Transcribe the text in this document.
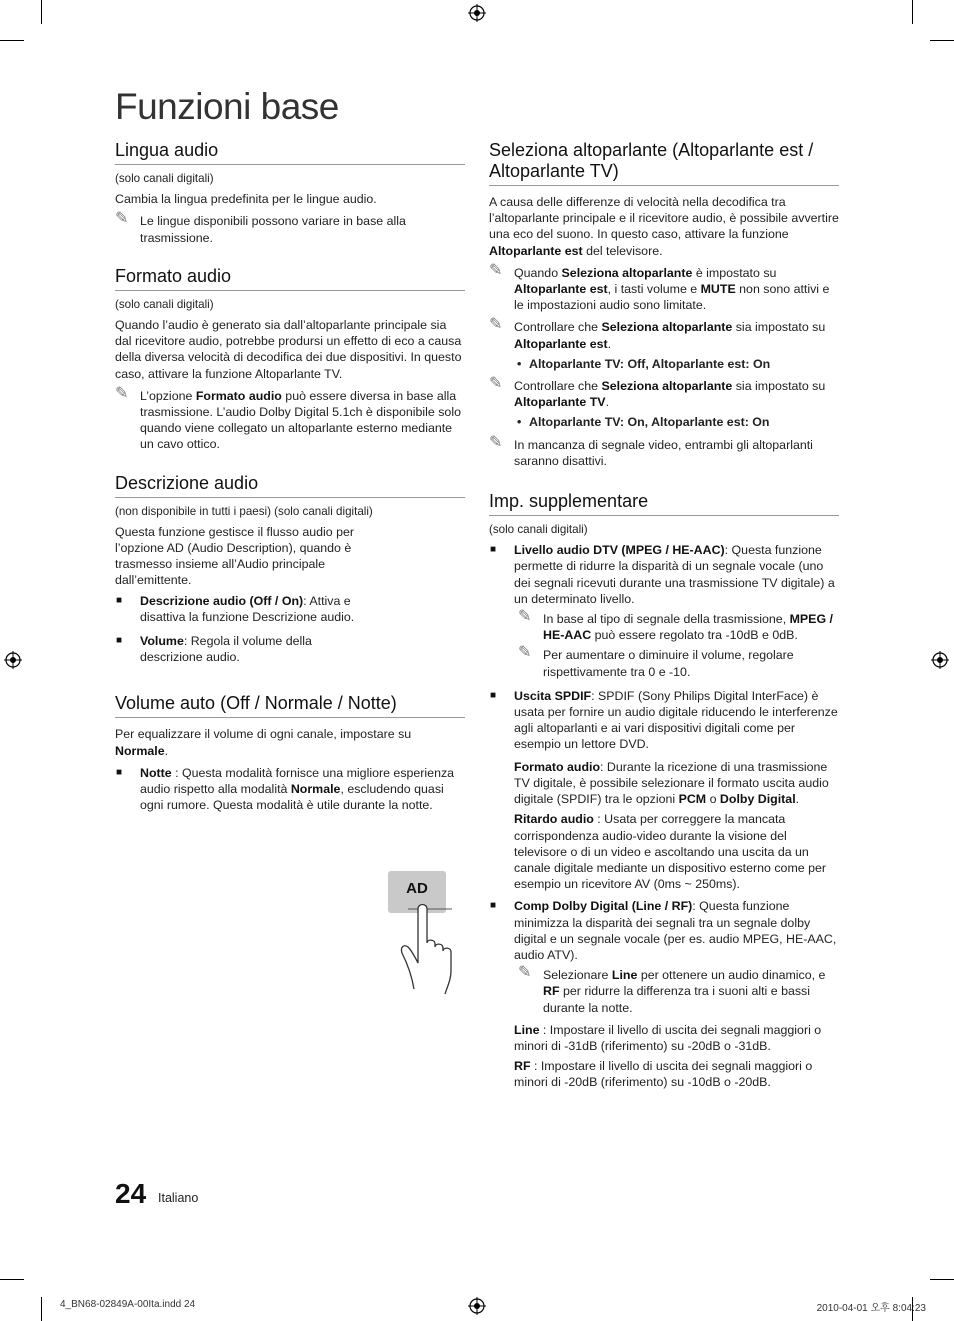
Funzioni base
Lingua audio

(solo canali digitali)

Cambia la lingua predefinita per le lingue audio.

✎ Le lingue disponibili possono variare in base alla trasmissione.

Formato audio

(solo canali digitali)

Quando l’audio è generato sia dall’altoparlante principale sia dal ricevitore audio, potrebbe prodursi un effetto di eco a causa della diversa velocità di decodifica dei due dispositivi. In questo caso, attivare la funzione Altoparlante TV.

✎ L’opzione Formato audio può essere diversa in base alla trasmissione. L’audio Dolby Digital 5.1ch è disponibile solo quando viene collegato un altoparlante esterno mediante un cavo ottico.

Descrizione audio

(non disponibile in tutti i paesi) (solo canali digitali)

Questa funzione gestisce il flusso audio per l’opzione AD (Audio Description), quando è trasmesso insieme all’Audio principale dall’emittente.

■ Descrizione audio (Off / On): Attiva e disattiva la funzione Descrizione audio.

■ Volume: Regola il volume della descrizione audio.

AD
Volume auto (Off / Normale / Notte)

Per equalizzare il volume di ogni canale, impostare su Normale.

■ Notte : Questa modalità fornisce una migliore esperienza audio rispetto alla modalità Normale, escludendo quasi ogni rumore. Questa modalità è utile durante la notte.

Seleziona altoparlante (Altoparlante est / Altoparlante TV)

A causa delle differenze di velocità nella decodifica tra l’altoparlante principale e il ricevitore audio, è possibile avvertire una eco del suono. In questo caso, attivare la funzione Altoparlante est del televisore.

✎ Quando Seleziona altoparlante è impostato su Altoparlante est, i tasti volume e MUTE non sono attivi e le impostazioni audio sono limitate.

✎ Controllare che Seleziona altoparlante sia impostato su Altoparlante est.

• Altoparlante TV: Off, Altoparlante est: On

✎ Controllare che Seleziona altoparlante sia impostato su Altoparlante TV.

• Altoparlante TV: On, Altoparlante est: On

✎ In mancanza di segnale video, entrambi gli altoparlanti saranno disattivi.

Imp. supplementare

(solo canali digitali)

■ Livello audio DTV (MPEG / HE-AAC): Questa funzione permette di ridurre la disparità di un segnale vocale (uno dei segnali ricevuti durante una trasmissione TV digitale) a un determinato livello.

✎ In base al tipo di segnale della trasmissione, MPEG / HE-AAC può essere regolato tra -10dB e 0dB.

✎ Per aumentare o diminuire il volume, regolare rispettivamente tra 0 e -10.

■ Uscita SPDIF: SPDIF (Sony Philips Digital InterFace) è usata per fornire un audio digitale riducendo le interferenze agli altoparlanti e ai vari dispositivi digitali come per esempio un lettore DVD.

Formato audio: Durante la ricezione di una trasmissione TV digitale, è possibile selezionare il formato uscita audio digitale (SPDIF) tra le opzioni PCM o Dolby Digital.

Ritardo audio : Usata per correggere la mancata corrispondenza audio-video durante la visione del televisore o di un video e ascoltando una uscita da un canale digitale mediante un dispositivo esterno come per esempio un ricevitore AV (0ms ~ 250ms).

■ Comp Dolby Digital (Line / RF): Questa funzione minimizza la disparità dei segnali tra un segnale dolby digital e un segnale vocale (per es. audio MPEG, HE-AAC, audio ATV).

✎ Selezionare Line per ottenere un audio dinamico, e RF per ridurre la differenza tra i suoni alti e bassi durante la notte.

Line : Impostare il livello di uscita dei segnali maggiori o minori di -31dB (riferimento) su -20dB o -31dB.

RF : Impostare il livello di uscita dei segnali maggiori o minori di -20dB (riferimento) su -10dB o -20dB.

24 Italiano
4_BN68-02849A-00Ita.indd 24	2010-04-01 오후 8:04:23
